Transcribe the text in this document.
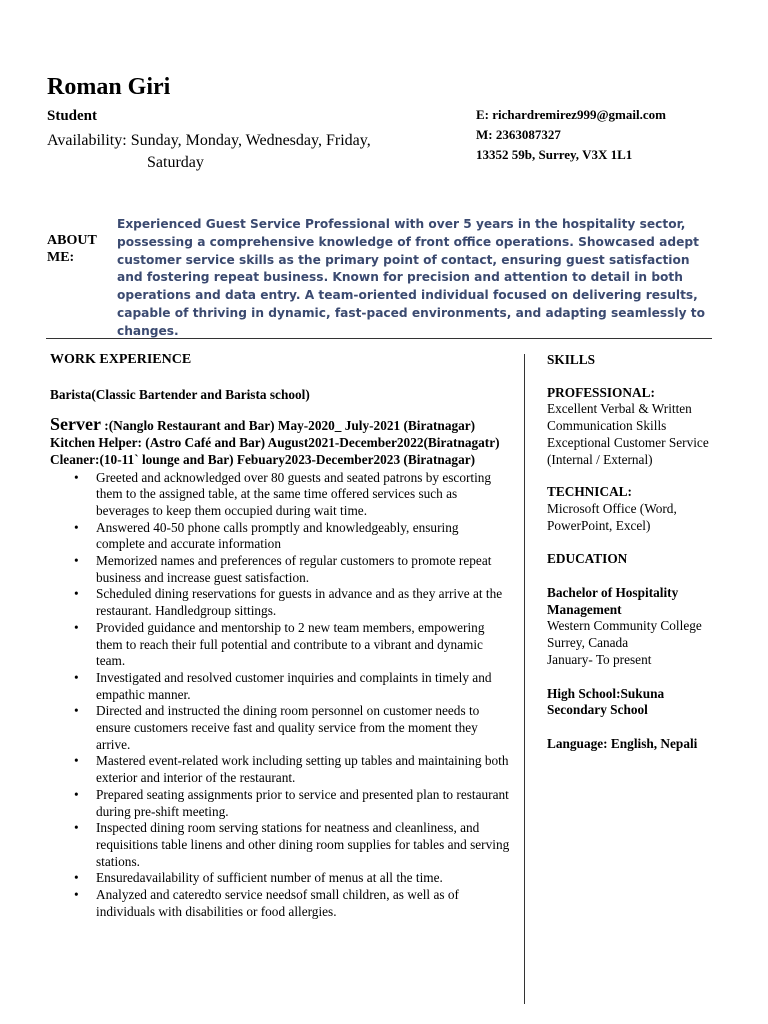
Roman Giri
Student
Availability: Sunday, Monday, Wednesday, Friday,
Saturday
E: richardremirez999@gmail.com
M: 2363087327
13352 59b, Surrey, V3X 1L1
ABOUT ME:
Experienced Guest Service Professional with over 5 years in the hospitality sector, possessing a comprehensive knowledge of front office operations. Showcased adept customer service skills as the primary point of contact, ensuring guest satisfaction and fostering repeat business. Known for precision and attention to detail in both operations and data entry. A team-oriented individual focused on delivering results, capable of thriving in dynamic, fast-paced environments, and adapting seamlessly to changes.
WORK EXPERIENCE
Barista(Classic Bartender and Barista school)
Server :(Nanglo Restaurant and Bar) May-2020_ July-2021 (Biratnagar)
Kitchen Helper: (Astro Café and Bar) August2021-December2022(Biratnagatr)
Cleaner:(10-11` lounge and Bar) Febuary2023-December2023 (Biratnagar)
• Greeted and acknowledged over 80 guests and seated patrons by escorting them to the assigned table, at the same time offered services such as beverages to keep them occupied during wait time.
• Answered 40-50 phone calls promptly and knowledgeably, ensuring complete and accurate information
• Memorized names and preferences of regular customers to promote repeat business and increase guest satisfaction.
• Scheduled dining reservations for guests in advance and as they arrive at the restaurant. Handledgroup sittings.
• Provided guidance and mentorship to 2 new team members, empowering them to reach their full potential and contribute to a vibrant and dynamic team.
• Investigated and resolved customer inquiries and complaints in timely and empathic manner.
• Directed and instructed the dining room personnel on customer needs to ensure customers receive fast and quality service from the moment they arrive.
• Mastered event-related work including setting up tables and maintaining both exterior and interior of the restaurant.
• Prepared seating assignments prior to service and presented plan to restaurant during pre-shift meeting.
• Inspected dining room serving stations for neatness and cleanliness, and requisitions table linens and other dining room supplies for tables and serving stations.
• Ensuredavailability of sufficient number of menus at all the time.
• Analyzed and cateredto service needsof small children, as well as of individuals with disabilities or food allergies.
SKILLS
PROFESSIONAL:
Excellent Verbal & Written Communication Skills
Exceptional Customer Service (Internal / External)
TECHNICAL:
Microsoft Office (Word, PowerPoint, Excel)
EDUCATION
Bachelor of Hospitality Management
Western Community College
Surrey, Canada
January- To present
High School:Sukuna Secondary School
Language: English, Nepali
